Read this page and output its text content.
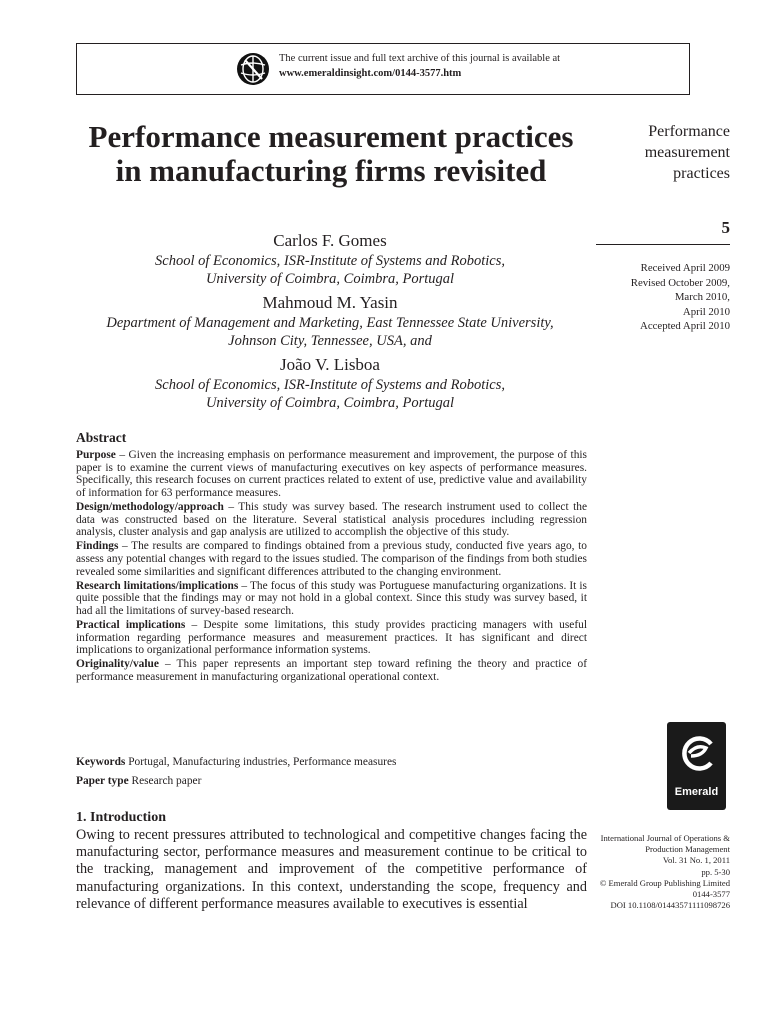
The current issue and full text archive of this journal is available at
www.emeraldinsight.com/0144-3577.htm
Performance measurement practices in manufacturing firms revisited
Carlos F. Gomes
School of Economics, ISR-Institute of Systems and Robotics,
University of Coimbra, Coimbra, Portugal
Mahmoud M. Yasin
Department of Management and Marketing, East Tennessee State University,
Johnson City, Tennessee, USA, and
João V. Lisboa
School of Economics, ISR-Institute of Systems and Robotics,
University of Coimbra, Coimbra, Portugal
Performance
measurement
practices
5
Received April 2009
Revised October 2009,
March 2010,
April 2010
Accepted April 2010
Abstract

Purpose – Given the increasing emphasis on performance measurement and improvement, the purpose of this paper is to examine the current views of manufacturing executives on key aspects of performance measures. Specifically, this research focuses on current practices related to extent of use, predictive value and availability of information for 63 performance measures.

Design/methodology/approach – This study was survey based. The research instrument used to collect the data was constructed based on the literature. Several statistical analysis procedures including regression analysis, cluster analysis and gap analysis are utilized to accomplish the objective of this study.

Findings – The results are compared to findings obtained from a previous study, conducted five years ago, to assess any potential changes with regard to the issues studied. The comparison of the findings from both studies revealed some similarities and significant differences attributed to the changing environment.

Research limitations/implications – The focus of this study was Portuguese manufacturing organizations. It is quite possible that the findings may or may not hold in a global context. Since this study was survey based, it had all the limitations of survey-based research.

Practical implications – Despite some limitations, this study provides practicing managers with useful information regarding performance measures and measurement practices. It has significant and direct implications to organizational performance information systems.

Originality/value – This paper represents an important step toward refining the theory and practice of performance measurement in manufacturing organizational operational context.

Keywords Portugal, Manufacturing industries, Performance measures
Paper type Research paper
Emerald
1. Introduction

Owing to recent pressures attributed to technological and competitive changes facing the manufacturing sector, performance measures and measurement continue to be critical to the tracking, management and improvement of the competitive performance of manufacturing organizations. In this context, understanding the scope, frequency and relevance of different performance measures available to executives is essential

International Journal of Operations &
Production Management
Vol. 31 No. 1, 2011
pp. 5-30
© Emerald Group Publishing Limited
0144-3577
DOI 10.1108/01443571111098726
